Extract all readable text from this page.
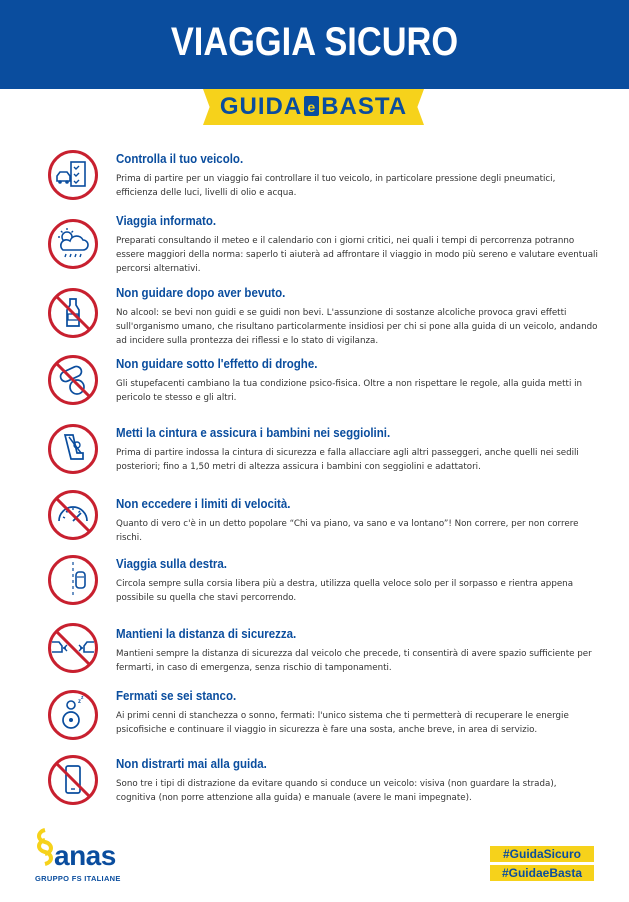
VIAGGIA SICURO
GUIDA e BASTA
Controlla il tuo veicolo.

Prima di partire per un viaggio fai controllare il tuo veicolo, in particolare pressione degli pneumatici, efficienza delle luci, livelli di olio e acqua.

Viaggia informato.

Preparati consultando il meteo e il calendario con i giorni critici, nei quali i tempi di percorrenza potranno essere maggiori della norma: saperlo ti aiuterà ad affrontare il viaggio in modo più sereno e valutare eventuali percorsi alternativi.

Non guidare dopo aver bevuto.

No alcool: se bevi non guidi e se guidi non bevi. L'assunzione di sostanze alcoliche provoca gravi effetti sull'organismo umano, che risultano particolarmente insidiosi per chi si pone alla guida di un veicolo, andando ad incidere sulla prontezza dei riflessi e lo stato di vigilanza.

Non guidare sotto l'effetto di droghe.

Gli stupefacenti cambiano la tua condizione psico-fisica. Oltre a non rispettare le regole, alla guida metti in pericolo te stesso e gli altri.

Metti la cintura e assicura i bambini nei seggiolini.

Prima di partire indossa la cintura di sicurezza e falla allacciare agli altri passeggeri, anche quelli nei sedili posteriori; fino a 1,50 metri di altezza assicura i bambini con seggiolini e adattatori.

Non eccedere i limiti di velocità.

Quanto di vero c'è in un detto popolare “Chi va piano, va sano e va lontano”! Non correre, per non correre rischi.

Viaggia sulla destra.

Circola sempre sulla corsia libera più a destra, utilizza quella veloce solo per il sorpasso e rientra appena possibile su quella che stavi percorrendo.

Mantieni la distanza di sicurezza.

Mantieni sempre la distanza di sicurezza dal veicolo che precede, ti consentirà di avere spazio sufficiente per fermarti, in caso di emergenza, senza rischio di tamponamenti.

z
z	Fermati se sei stanco.

Ai primi cenni di stanchezza o sonno, fermati: l'unico sistema che ti permetterà di recuperare le energie psicofisiche e continuare il viaggio in sicurezza è fare una sosta, anche breve, in area di servizio.

Non distrarti mai alla guida.

Sono tre i tipi di distrazione da evitare quando si conduce un veicolo: visiva (non guardare la strada), cognitiva (non porre attenzione alla guida) e manuale (avere le mani impegnate).

anas
GRUPPO FS ITALIANE
#GuidaSicuro
#GuidaeBasta
